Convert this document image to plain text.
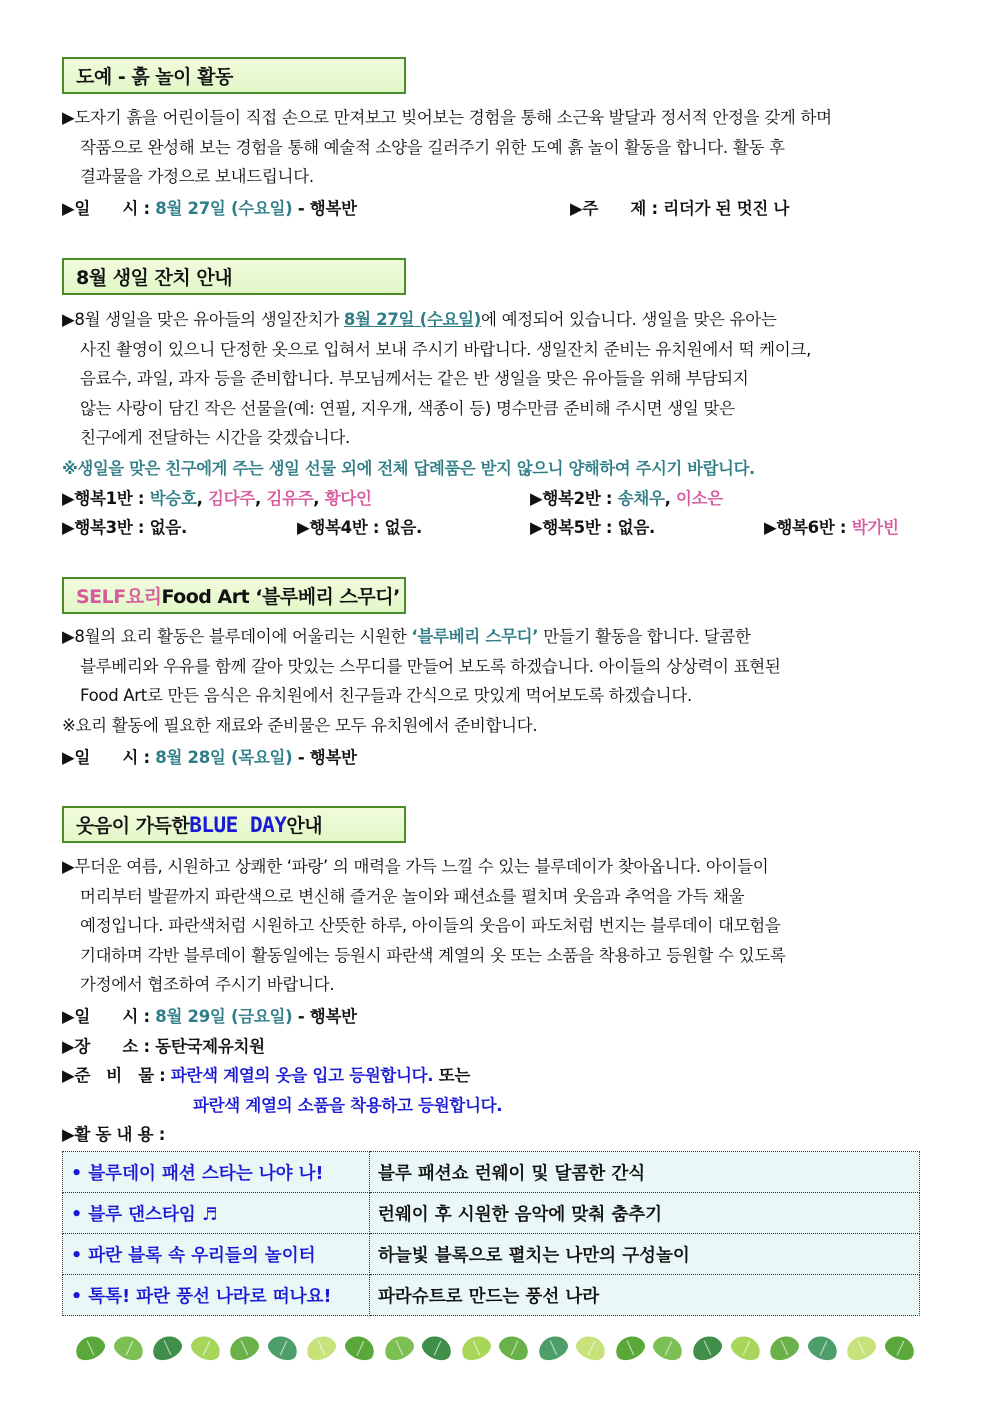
도예 - 흙 놀이 활동
▶도자기 흙을 어린이들이 직접 손으로 만져보고 빚어보는 경험을 통해 소근육 발달과 정서적 안정을 갖게 하며
작품으로 완성해 보는 경험을 통해 예술적 소양을 길러주기 위한 도예 흙 놀이 활동을 합니다. 활동 후
결과물을 가정으로 보내드립니다.
▶일　　시 : 8월 27일 (수요일) - 행복반	▶주　　제 : 리더가 된 멋진 나
8월 생일 잔치 안내
▶8월 생일을 맞은 유아들의 생일잔치가 8월 27일 (수요일)에 예정되어 있습니다. 생일을 맞은 유아는
사진 촬영이 있으니 단정한 옷으로 입혀서 보내 주시기 바랍니다. 생일잔치 준비는 유치원에서 떡 케이크,
음료수, 과일, 과자 등을 준비합니다. 부모님께서는 같은 반 생일을 맞은 유아들을 위해 부담되지
않는 사랑이 담긴 작은 선물을(예: 연필, 지우개, 색종이 등) 명수만큼 준비해 주시면 생일 맞은
친구에게 전달하는 시간을 갖겠습니다.
※생일을 맞은 친구에게 주는 생일 선물 외에 전체 답례품은 받지 않으니 양해하여 주시기 바랍니다.
▶행복1반 : 박승호, 김다주, 김유주, 황다인	▶행복2반 : 송채우, 이소은
▶행복3반 : 없음.	▶행복4반 : 없음.	▶행복5반 : 없음.	▶행복6반 : 박가빈
SELF요리 Food Art ‘블루베리 스무디’
▶8월의 요리 활동은 블루데이에 어울리는 시원한 ‘블루베리 스무디’ 만들기 활동을 합니다. 달콤한
블루베리와 우유를 함께 갈아 맛있는 스무디를 만들어 보도록 하겠습니다. 아이들의 상상력이 표현된
Food Art로 만든 음식은 유치원에서 친구들과 간식으로 맛있게 먹어보도록 하겠습니다.
※요리 활동에 필요한 재료와 준비물은 모두 유치원에서 준비합니다.
▶일　　시 : 8월 28일 (목요일) - 행복반
웃음이 가득한 BLUE DAY 안내
▶무더운 여름, 시원하고 상쾌한 ‘파랑’ 의 매력을 가득 느낄 수 있는 블루데이가 찾아옵니다. 아이들이
머리부터 발끝까지 파란색으로 변신해 즐거운 놀이와 패션쇼를 펼치며 웃음과 추억을 가득 채울
예정입니다. 파란색처럼 시원하고 산뜻한 하루, 아이들의 웃음이 파도처럼 번지는 블루데이 대모험을
기대하며 각반 블루데이 활동일에는 등원시 파란색 계열의 옷 또는 소품을 착용하고 등원할 수 있도록
가정에서 협조하여 주시기 바랍니다.
▶일　　시 : 8월 29일 (금요일) - 행복반
▶장　　소 : 동탄국제유치원
▶준　비　물 : 파란색 계열의 옷을 입고 등원합니다. 또는
파란색 계열의 소품을 착용하고 등원합니다.
▶활 동 내 용 :
• 블루데이 패션 스타는 나야 나!	블루 패션쇼 런웨이 및 달콤한 간식
• 블루 댄스타임 ♬	런웨이 후 시원한 음악에 맞춰 춤추기
• 파란 블록 속 우리들의 놀이터	하늘빛 블록으로 펼치는 나만의 구성놀이
• 톡톡! 파란 풍선 나라로 떠나요!	파라슈트로 만드는 풍선 나라
